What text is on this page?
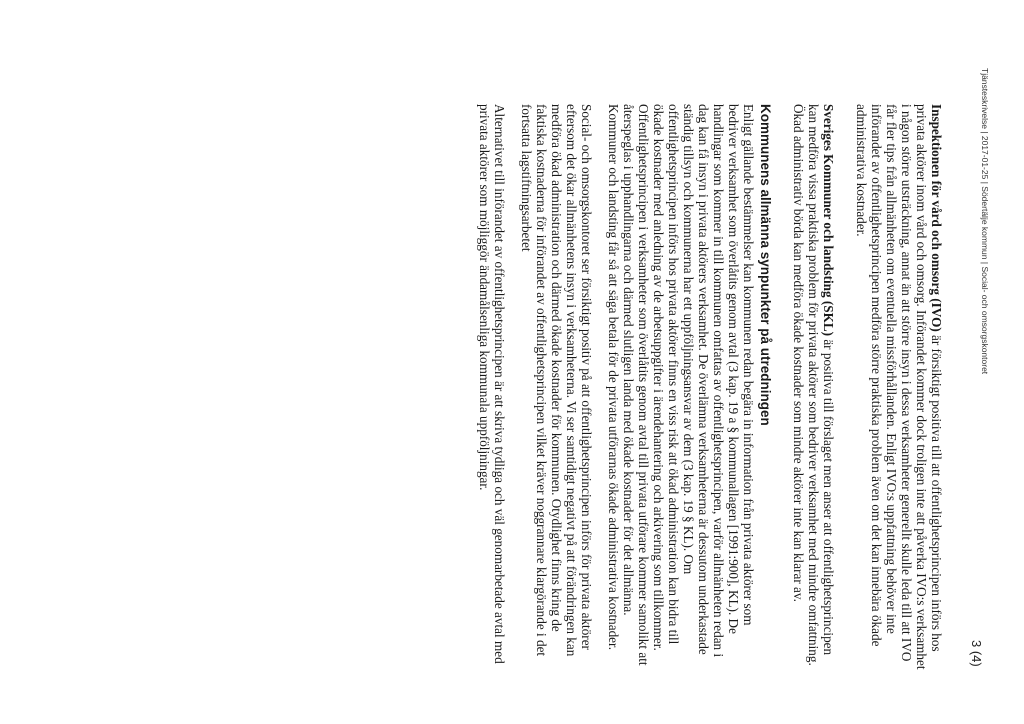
Tjänsteskrivelse | 2017-01-25 | Södertälje kommun | Social- och omsorgskontoret
3 (4)

Inspektionen för vård och omsorg (IVO) är försiktigt positiva till att offentlighetsprincipen införs hos privata aktörer inom vård och omsorg. Införandet kommer dock troligen inte att påverka IVO:s verksamhet i någon större utsträckning, annat än att större insyn i dessa verksamheter generellt skulle leda till att IVO får fler tips från allmänheten om eventuella missförhållanden. Enligt IVO:s uppfattning behöver inte införandet av offentlighetsprincipen medföra större praktiska problem även om det kan innebära ökade administrativa kostnader.

Sveriges Kommuner och landsting (SKL) är positiva till förslaget men anser att offentlighetsprincipen kan medföra vissa praktiska problem för privata aktörer som bedriver verksamhet med mindre omfattning. Ökad administrativ börda kan medföra ökade kostnader som mindre aktörer inte kan klarar av.

Kommunens allmänna synpunkter på utredningen

Enligt gällande bestämmelser kan kommunen redan begära in information från privata aktörer som bedriver verksamhet som överlåtits genom avtal (3 kap. 19 a § kommunallagen [1991:900], KL). De handlingar som kommer in till kommunen omfattas av offentlighetsprincipen, varför allmänheten redan i dag kan få insyn i privata aktörers verksamhet. De överlämna verksamheterna är dessutom underkastade ständig tillsyn och kommunerna har ett uppföljningsansvar av dem (3 kap. 19 § KL). Om offentlighetsprincipen införs hos privata aktörer finns en viss risk att ökad administration kan bidra till ökade kostnader med anledning av de arbetsuppgifter i ärendehantering och arkivering som tillkommer. Offentlighetsprincipen i verksamheter som överlåtits genom avtal till privata utförare kommer samolikt att återspeglas i upphandlingarna och därmed slutligen landa med ökade kostnader för det allmänna. Kommuner och landsting får så att säga betala för de privata utförarnas ökade administrativa kostnader.

Social- och omsorgskontoret ser försiktigt positiv på att offentlighetsprincipen införs för privata aktörer eftersom det ökar allmänhetens insyn i verksamheterna. Vi ser samtidigt negativt på att förändringen kan medföra ökad administration och därmed ökade kostnader för kommunen. Otydlighet finns kring de faktiska kostnaderna för införandet av offentlighetsprincipen vilket kräver noggrannare klargörande i det fortsatta lagstiftningsarbetet

Alternativet till införandet av offentlighetsprincipen är att skriva tydliga och väl genomarbetade avtal med privata aktörer som möjliggör ändamålsenliga kommunala uppföljningar.
